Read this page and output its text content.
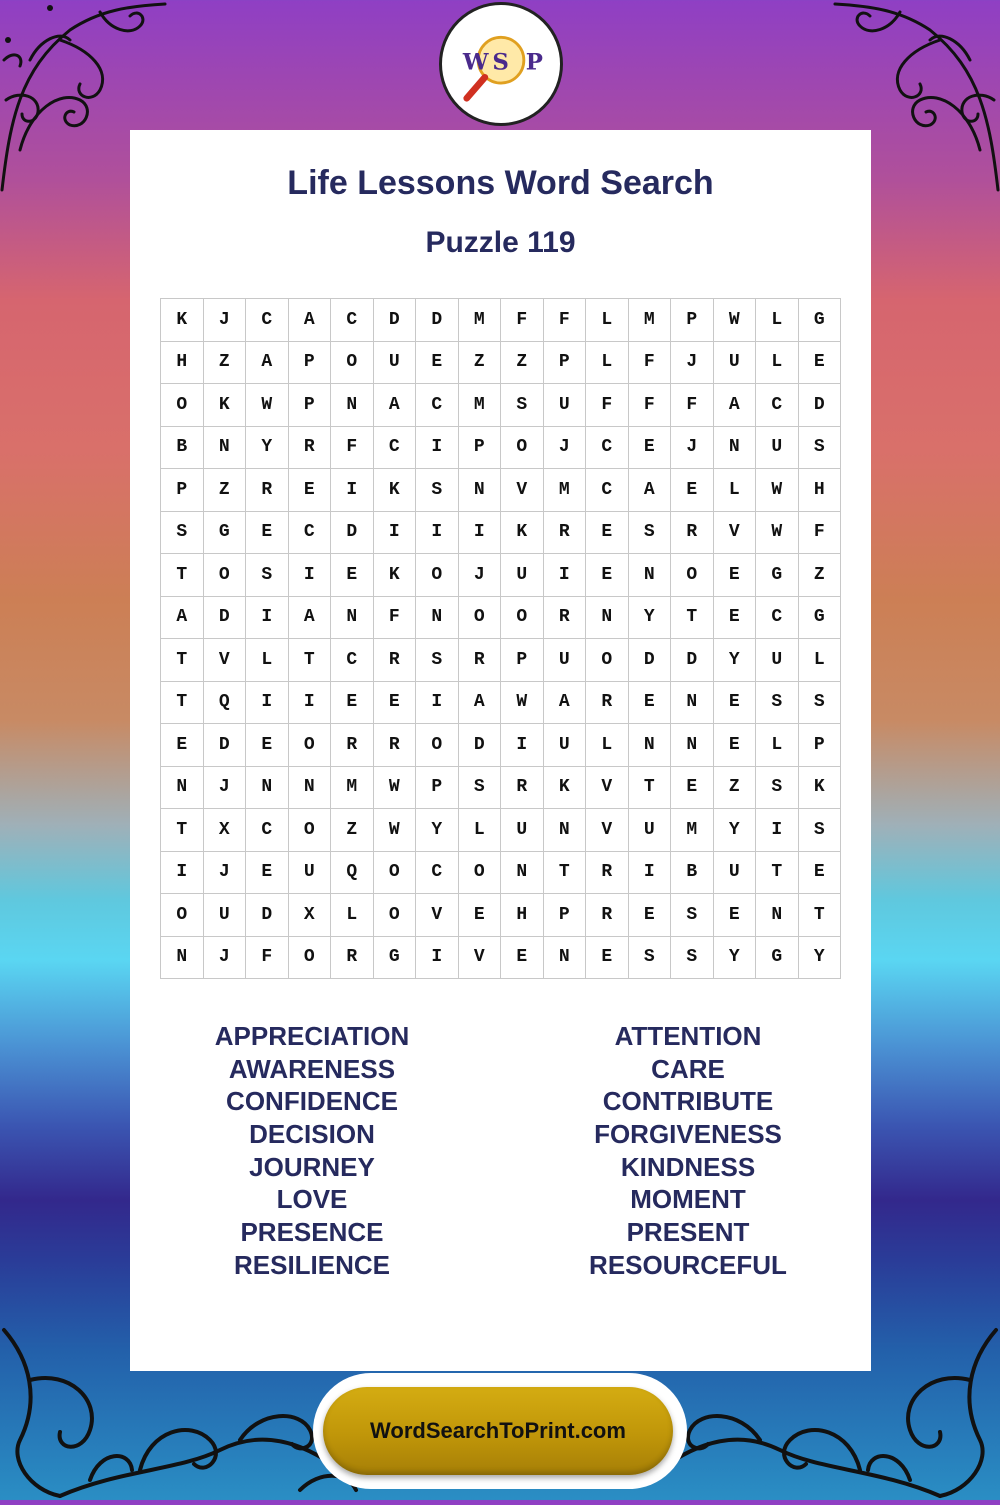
W S P
Life Lessons Word Search
Puzzle 119
K	J	C	A	C	D	D	M	F	F	L	M	P	W	L	G
H	Z	A	P	O	U	E	Z	Z	P	L	F	J	U	L	E
O	K	W	P	N	A	C	M	S	U	F	F	F	A	C	D
B	N	Y	R	F	C	I	P	O	J	C	E	J	N	U	S
P	Z	R	E	I	K	S	N	V	M	C	A	E	L	W	H
S	G	E	C	D	I	I	I	K	R	E	S	R	V	W	F
T	O	S	I	E	K	O	J	U	I	E	N	O	E	G	Z
A	D	I	A	N	F	N	O	O	R	N	Y	T	E	C	G
T	V	L	T	C	R	S	R	P	U	O	D	D	Y	U	L
T	Q	I	I	E	E	I	A	W	A	R	E	N	E	S	S
E	D	E	O	R	R	O	D	I	U	L	N	N	E	L	P
N	J	N	N	M	W	P	S	R	K	V	T	E	Z	S	K
T	X	C	O	Z	W	Y	L	U	N	V	U	M	Y	I	S
I	J	E	U	Q	O	C	O	N	T	R	I	B	U	T	E
O	U	D	X	L	O	V	E	H	P	R	E	S	E	N	T
N	J	F	O	R	G	I	V	E	N	E	S	S	Y	G	Y
APPRECIATION
AWARENESS
CONFIDENCE
DECISION
JOURNEY
LOVE
PRESENCE
RESILIENCE
ATTENTION
CARE
CONTRIBUTE
FORGIVENESS
KINDNESS
MOMENT
PRESENT
RESOURCEFUL
WordSearchToPrint.com
